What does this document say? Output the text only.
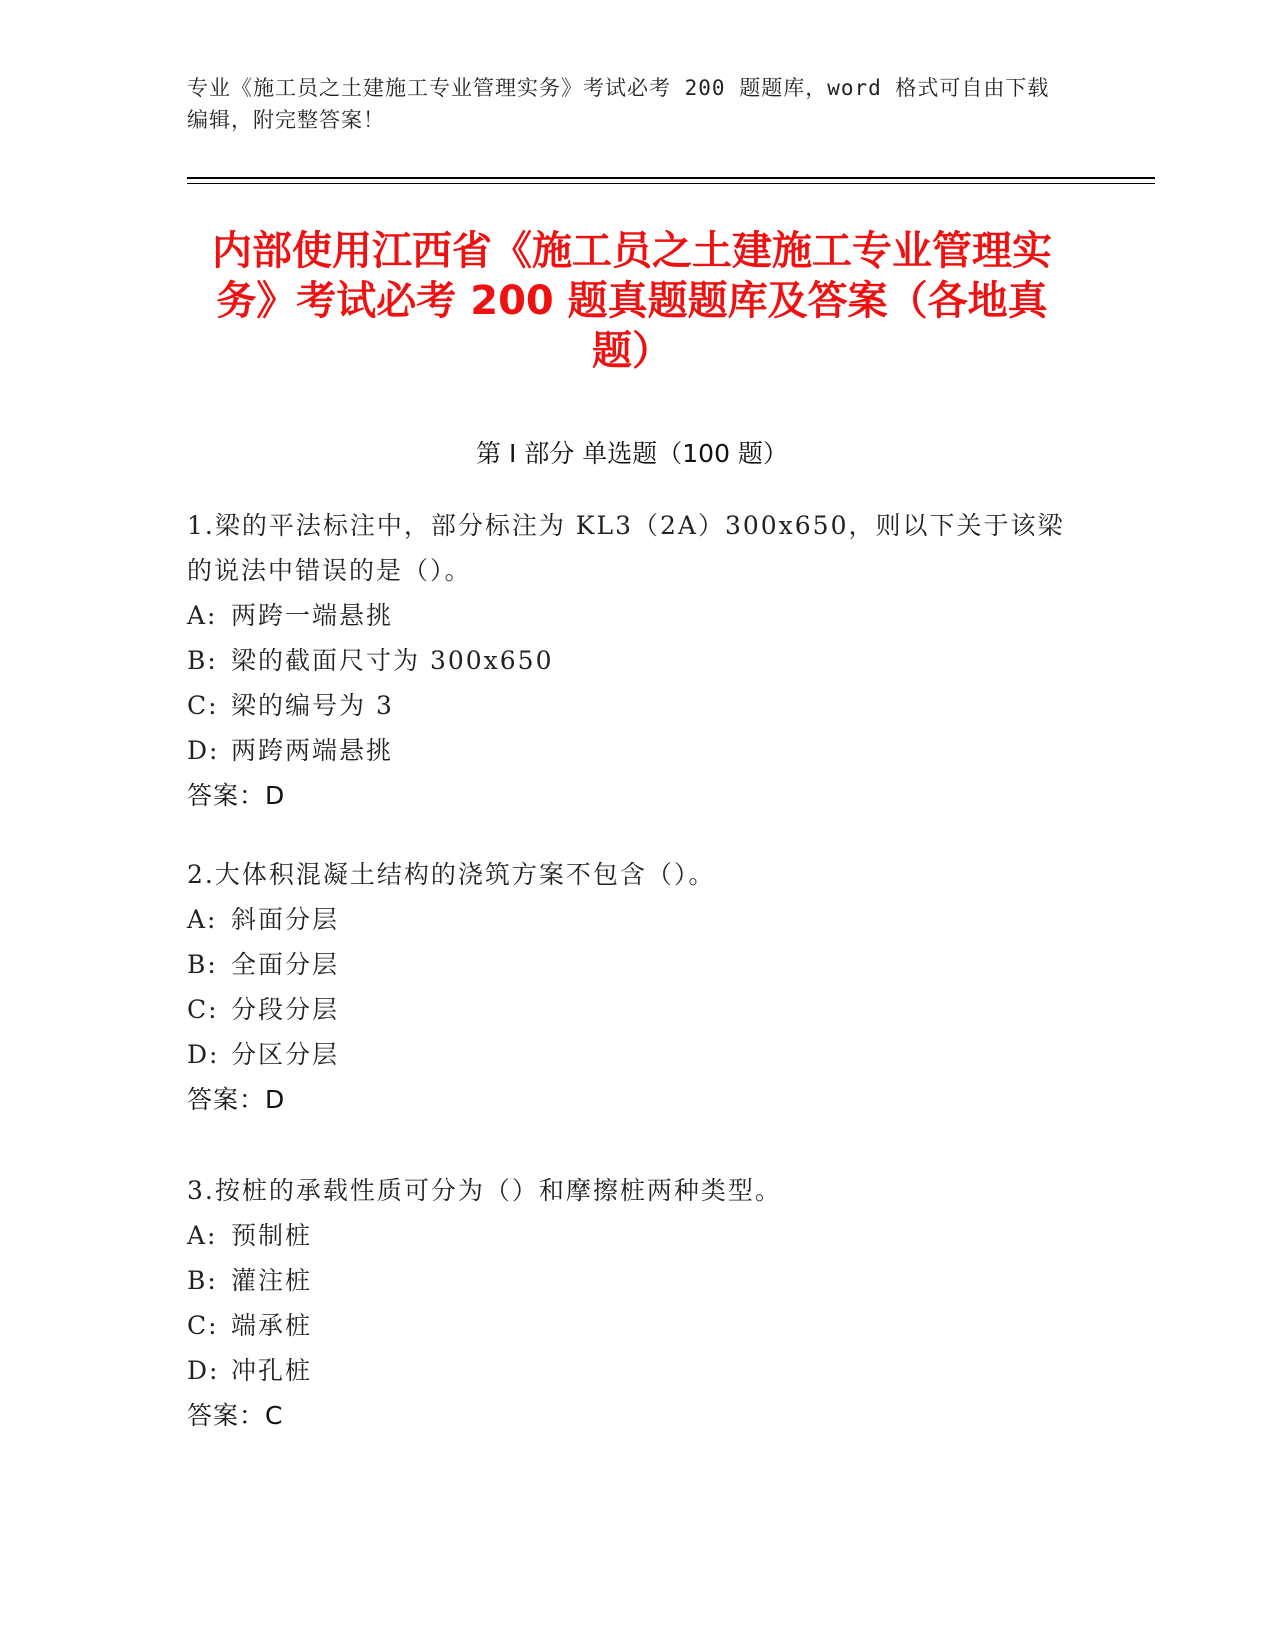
专业《施工员之土建施工专业管理实务》考试必考 200 题题库，word 格式可自由下载编辑，附完整答案！
内部使用江西省《施工员之土建施工专业管理实务》考试必考 200 题真题题库及答案（各地真题）
第 I 部分 单选题（100 题）

1.梁的平法标注中，部分标注为 KL3（2A）300x650，则以下关于该梁的说法中错误的是（）。

A: 两跨一端悬挑

B: 梁的截面尺寸为 300x650

C: 梁的编号为 3

D: 两跨两端悬挑

答案：D

2.大体积混凝土结构的浇筑方案不包含（）。

A: 斜面分层

B: 全面分层

C: 分段分层

D: 分区分层

答案：D

3.按桩的承载性质可分为（）和摩擦桩两种类型。

A: 预制桩

B: 灌注桩

C: 端承桩

D: 冲孔桩

答案：C
